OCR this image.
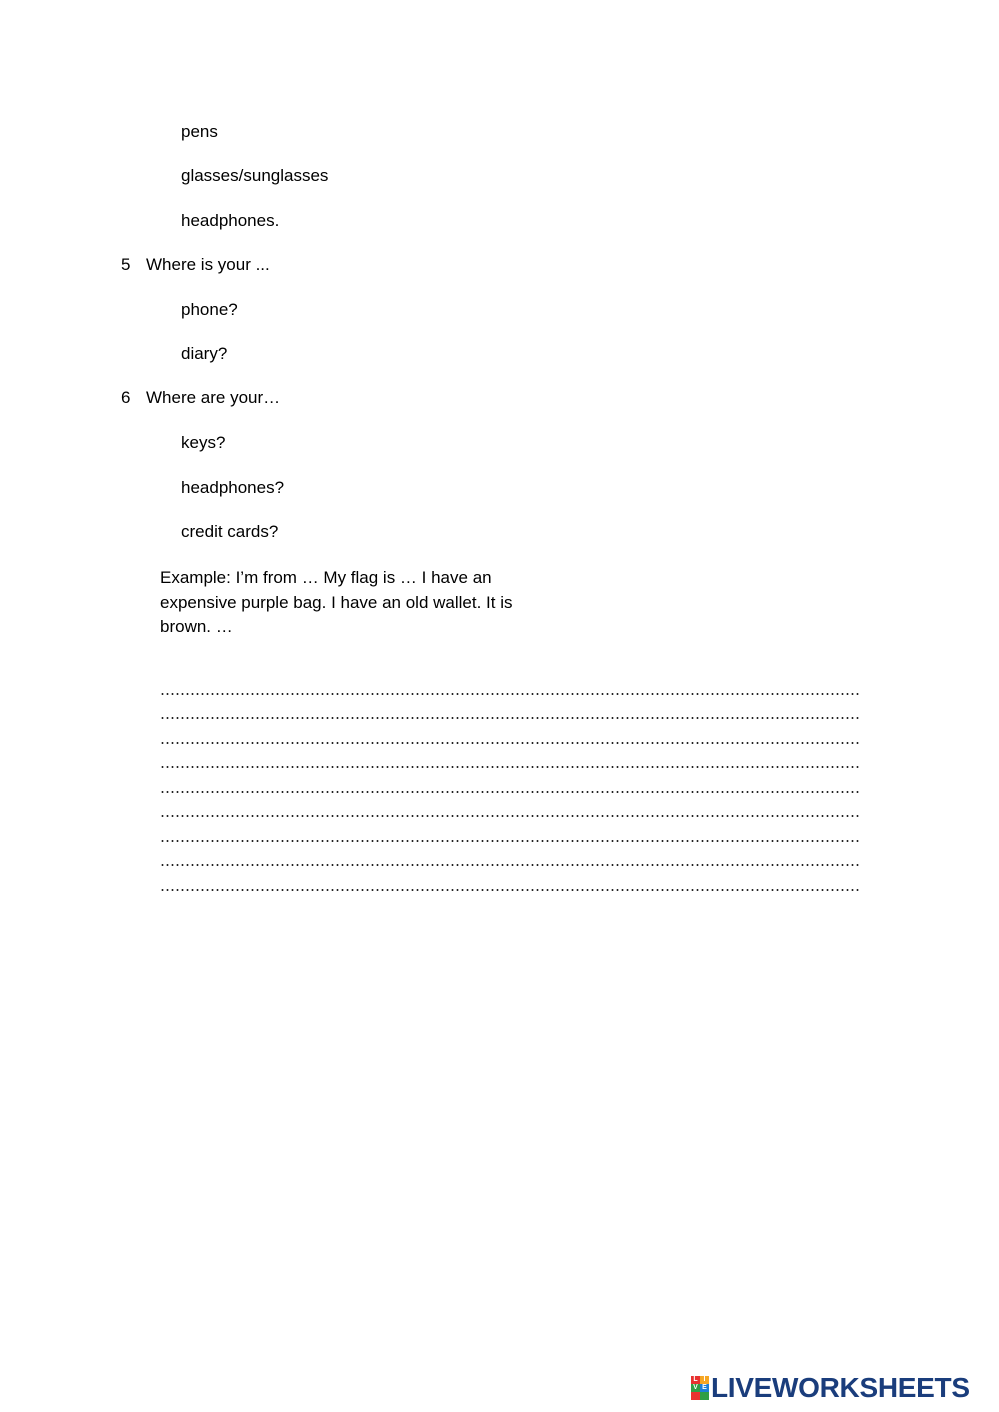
pens
glasses/sunglasses
headphones.
5 Where is your ...
phone?
diary?
6 Where are your…
keys?
headphones?
credit cards?
Example: I’m from … My flag is … I have an expensive purple bag. I have an old wallet. It is brown. …
L I
V E LIVEWORKSHEETS
